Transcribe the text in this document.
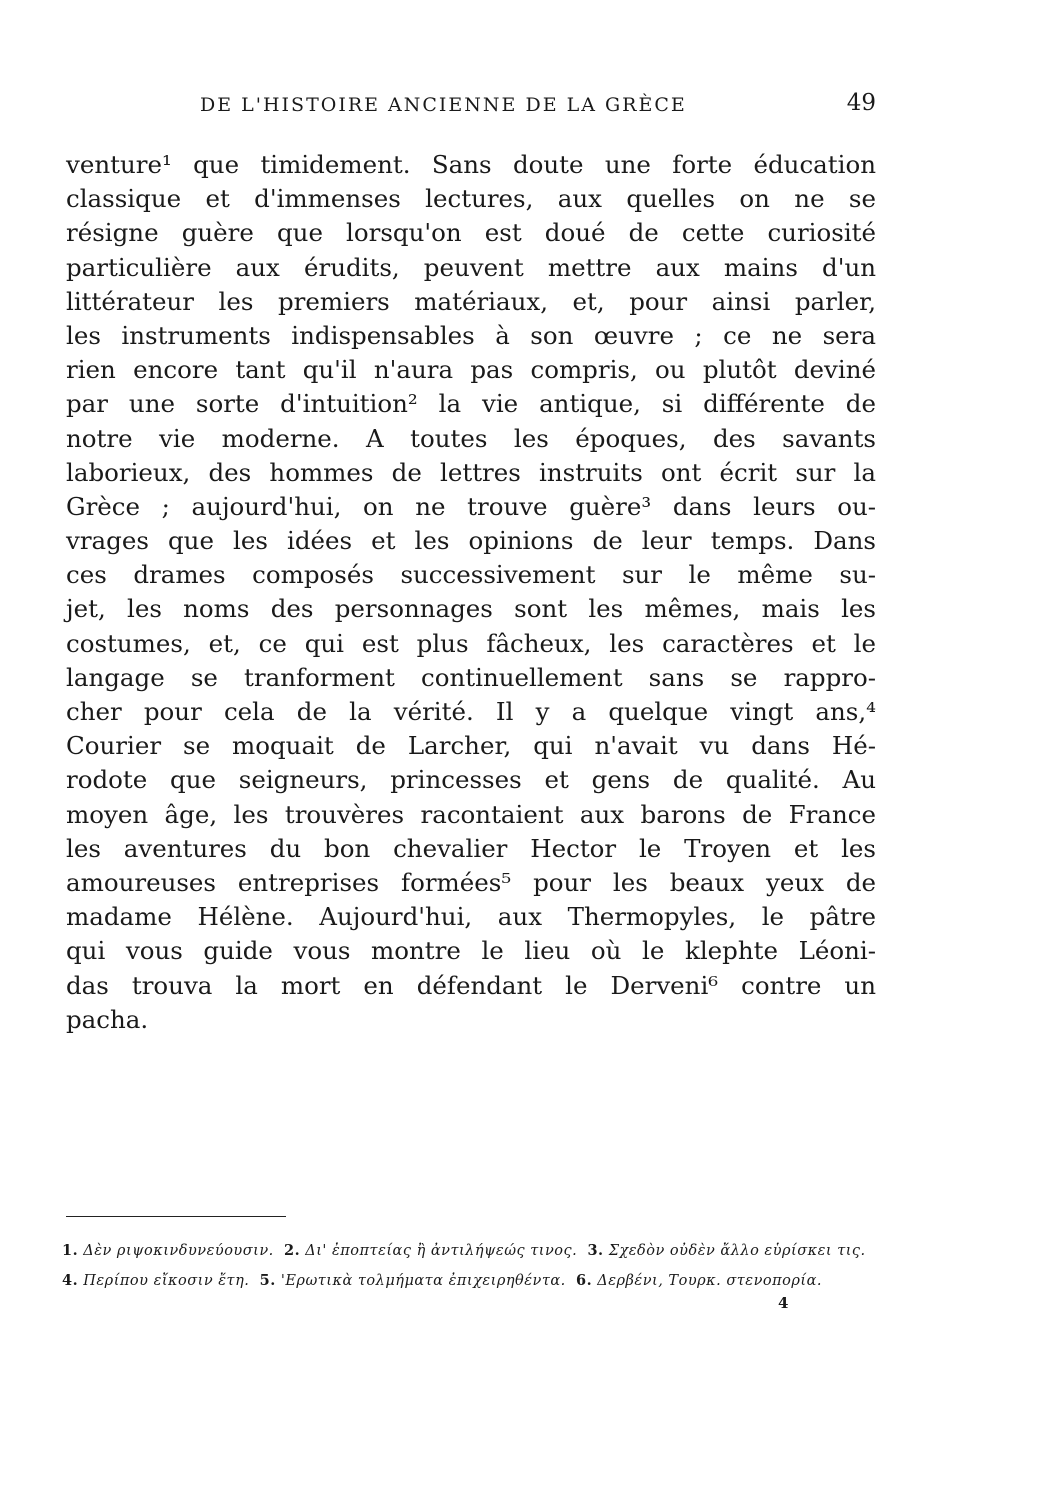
DE L'HISTOIRE ANCIENNE DE LA GRÈCE	49
venture¹ que timidement. Sans doute une forte éducation
classique et d'immenses lectures, aux quelles on ne se
résigne guère que lorsqu'on est doué de cette curiosité
particulière aux érudits, peuvent mettre aux mains d'un
littérateur les premiers matériaux, et, pour ainsi parler,
les instruments indispensables à son œuvre ; ce ne sera
rien encore tant qu'il n'aura pas compris, ou plutôt deviné
par une sorte d'intuition² la vie antique, si différente de
notre vie moderne. A toutes les époques, des savants
laborieux, des hommes de lettres instruits ont écrit sur la
Grèce ; aujourd'hui, on ne trouve guère³ dans leurs ou-
vrages que les idées et les opinions de leur temps. Dans
ces drames composés successivement sur le même su-
jet, les noms des personnages sont les mêmes, mais les
costumes, et, ce qui est plus fâcheux, les caractères et le
langage se tranforment continuellement sans se rappro-
cher pour cela de la vérité. Il y a quelque vingt ans,⁴
Courier se moquait de Larcher, qui n'avait vu dans Hé-
rodote que seigneurs, princesses et gens de qualité. Au
moyen âge, les trouvères racontaient aux barons de France
les aventures du bon chevalier Hector le Troyen et les
amoureuses entreprises formées⁵ pour les beaux yeux de
madame Hélène. Aujourd'hui, aux Thermopyles, le pâtre
qui vous guide vous montre le lieu où le klephte Léoni-
das trouva la mort en défendant le Derveni⁶ contre un
pacha.
1. Δὲν ριψοκινδυνεύουσιν. 2. Δι' ἐποπτείας ἢ ἀντιλήψεώς τινος. 3. Σχεδὸν οὐδὲν ἄλλο εὑρίσκει τις.
4. Περίπου εἴκοσιν ἔτη. 5. 'Ερωτικὰ τολμήματα ἐπιχειρηθέντα. 6. Δερβένι, Τουρκ. στενοπορία.
4
